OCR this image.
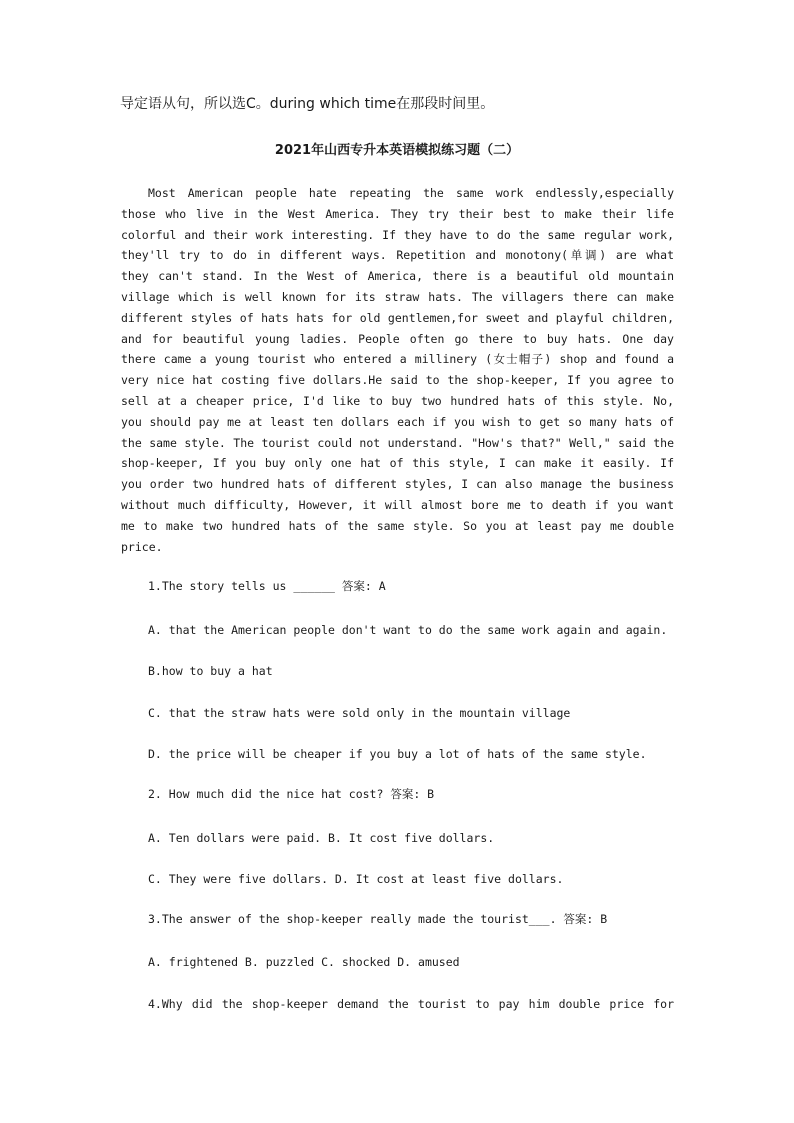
导定语从句，所以选C。during which time在那段时间里。
2021年山西专升本英语模拟练习题（二）
Most American people hate repeating the same work endlessly,especially
those who live in the West America. They try their best to make their life
colorful and their work interesting. If they have to do the same regular work,
they'll try to do in different ways. Repetition and monotony(单调) are what
they can't stand. In the West of America, there is a beautiful old mountain
village which is well known for its straw hats. The villagers there can make
different styles of hats hats for old gentlemen,for sweet and playful children,
and for beautiful young ladies. People often go there to buy hats. One day
there came a young tourist who entered a millinery (女士帽子) shop and found a
very nice hat costing five dollars.He said to the shop-keeper, If you agree to
sell at a cheaper price, I'd like to buy two hundred hats of this style. No,
you should pay me at least ten dollars each if you wish to get so many hats of
the same style. The tourist could not understand. "How's that?" Well," said the
shop-keeper, If you buy only one hat of this style, I can make it easily. If
you order two hundred hats of different styles, I can also manage the business
without much difficulty, However, it will almost bore me to death if you want
me to make two hundred hats of the same style. So you at least pay me double
price.
1.The story tells us ______ 答案: A
A. that the American people don't want to do the same work again and again.
B.how to buy a hat
C. that the straw hats were sold only in the mountain village
D. the price will be cheaper if you buy a lot of hats of the same style.
2. How much did the nice hat cost? 答案: B
A. Ten dollars were paid. B. It cost five dollars.
C. They were five dollars. D. It cost at least five dollars.
3.The answer of the shop-keeper really made the tourist___. 答案: B
A. frightened B. puzzled C. shocked D. amused
4.Why did the shop-keeper demand the tourist to pay him double price for
